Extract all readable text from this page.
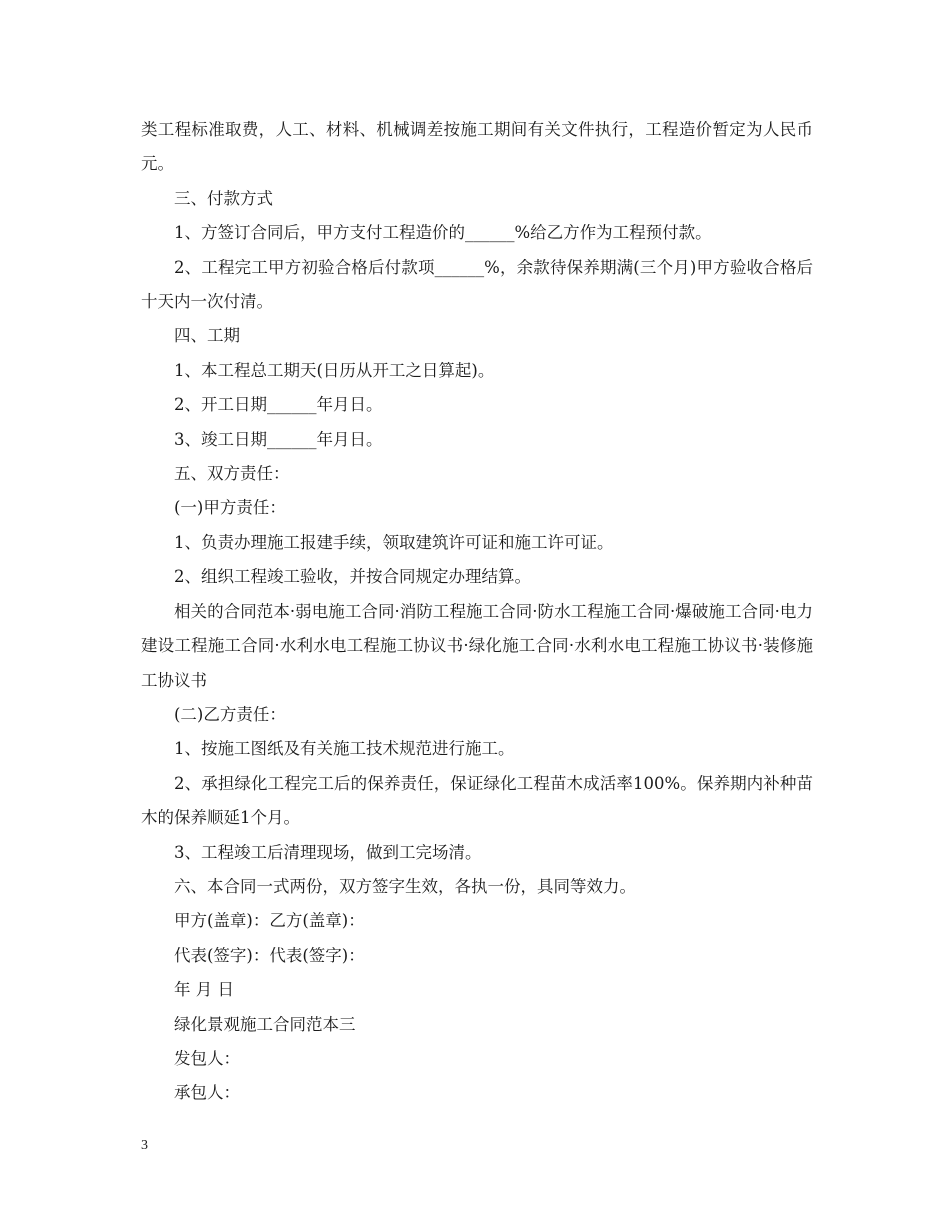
类工程标准取费，人工、材料、机械调差按施工期间有关文件执行，工程造价暂定为人民币元。

三、付款方式

1、方签订合同后，甲方支付工程造价的______%给乙方作为工程预付款。

2、工程完工甲方初验合格后付款项______%，余款待保养期满(三个月)甲方验收合格后十天内一次付清。

四、工期

1、本工程总工期天(日历从开工之日算起)。

2、开工日期______年月日。

3、竣工日期______年月日。

五、双方责任：

(一)甲方责任：

1、负责办理施工报建手续，领取建筑许可证和施工许可证。

2、组织工程竣工验收，并按合同规定办理结算。

相关的合同范本·弱电施工合同·消防工程施工合同·防水工程施工合同·爆破施工合同·电力建设工程施工合同·水利水电工程施工协议书·绿化施工合同·水利水电工程施工协议书·装修施工协议书

(二)乙方责任：

1、按施工图纸及有关施工技术规范进行施工。

2、承担绿化工程完工后的保养责任，保证绿化工程苗木成活率100%。保养期内补种苗木的保养顺延1个月。

3、工程竣工后清理现场，做到工完场清。

六、本合同一式两份，双方签字生效，各执一份，具同等效力。

甲方(盖章)：乙方(盖章)：

代表(签字)：代表(签字)：

年 月 日

绿化景观施工合同范本三

发包人：

承包人：

3
